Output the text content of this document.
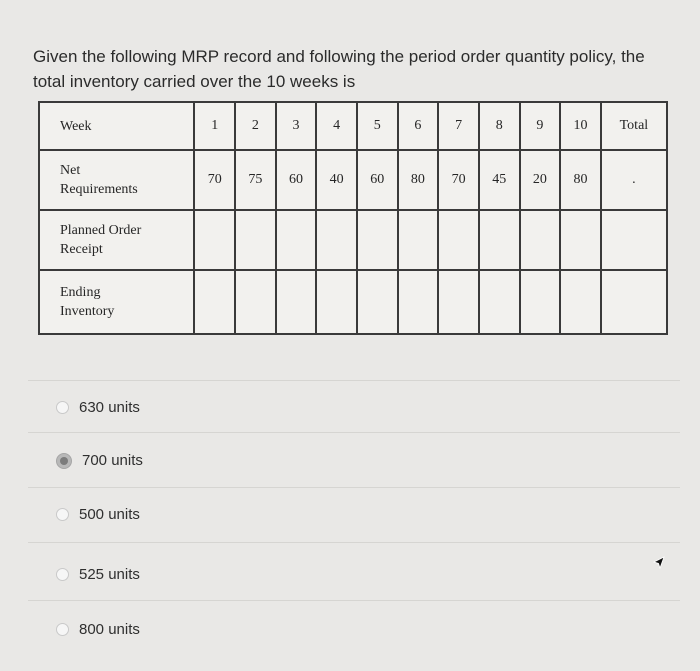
Given the following MRP record and following the period order quantity policy, the total inventory carried over the 10 weeks is
Week	1	2	3	4	5	6	7	8	9	10	Total
Net
Requirements	70	75	60	40	60	80	70	45	20	80	.
Planned Order
Receipt											
Ending
Inventory											
630 units
700 units
500 units
525 units
800 units
